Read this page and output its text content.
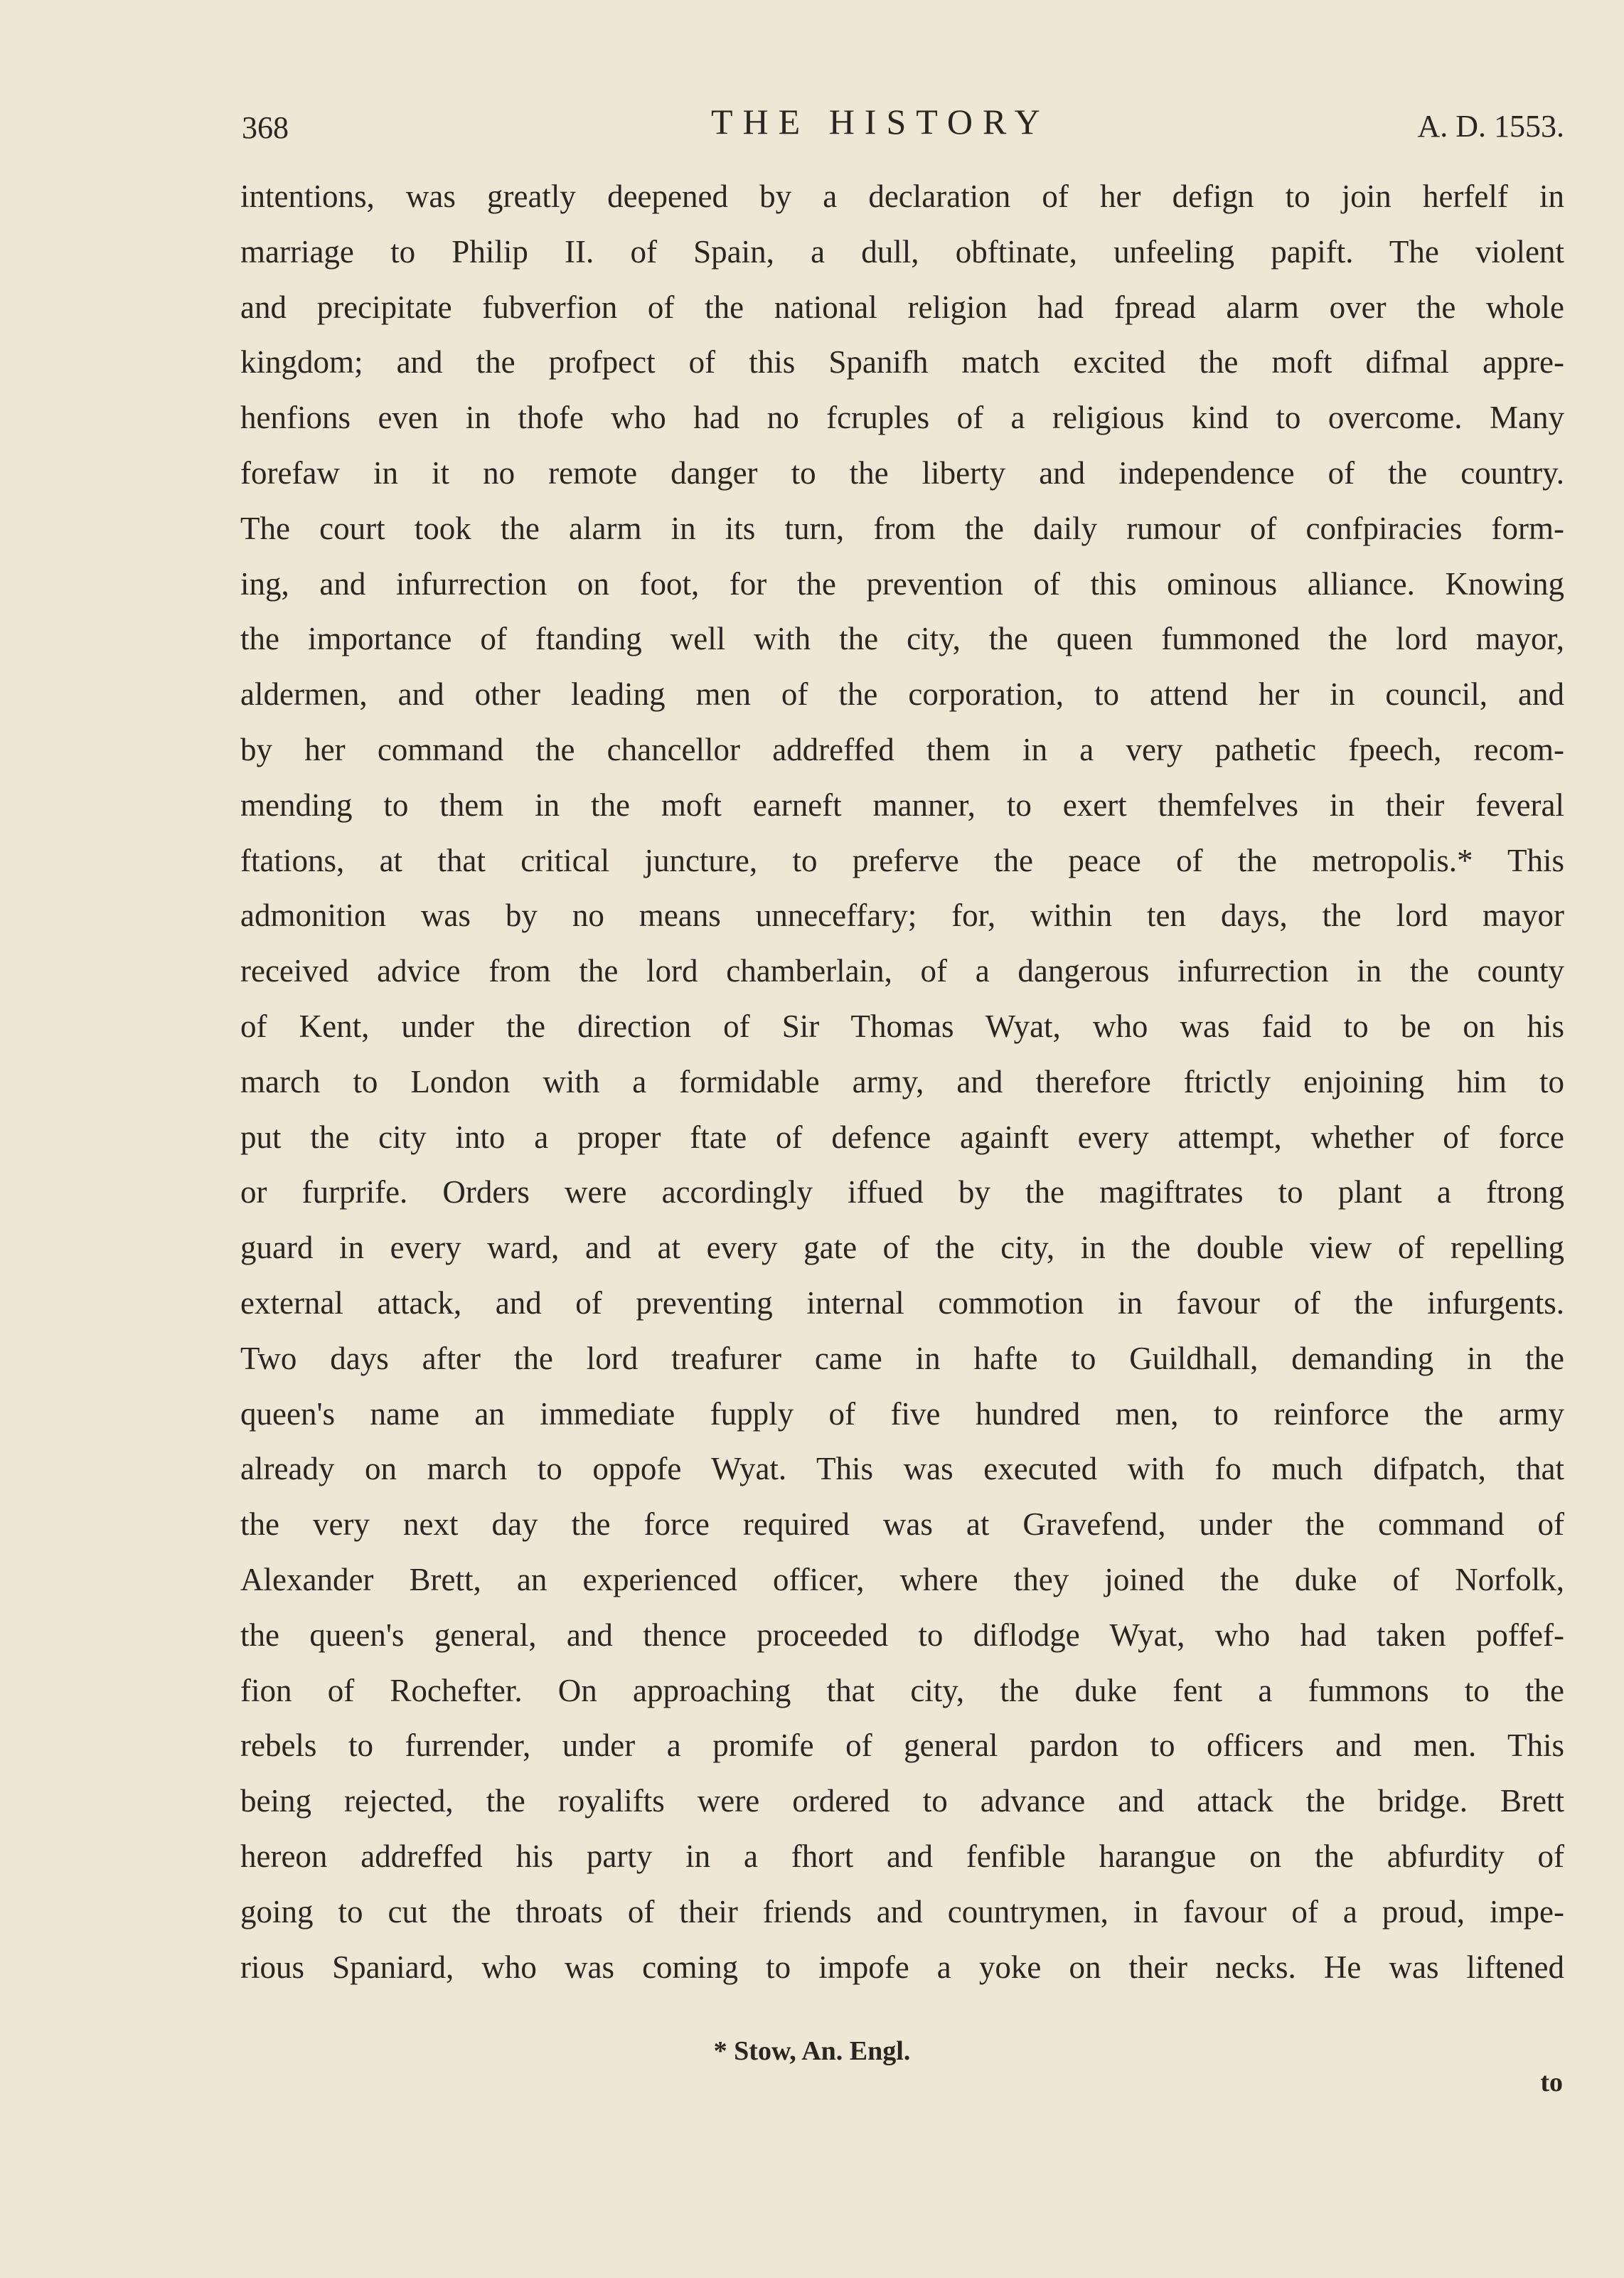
368	THE HISTORY	A. D. 1553.
intentions, was greatly deepened by a declaration of her defign to join herfelf in
marriage to Philip II. of Spain, a dull, obftinate, unfeeling papift. The violent
and precipitate fubverfion of the national religion had fpread alarm over the whole
kingdom; and the profpect of this Spanifh match excited the moft difmal appre-
henfions even in thofe who had no fcruples of a religious kind to overcome. Many
forefaw in it no remote danger to the liberty and independence of the country.
The court took the alarm in its turn, from the daily rumour of confpiracies form-
ing, and infurrection on foot, for the prevention of this ominous alliance. Knowing
the importance of ftanding well with the city, the queen fummoned the lord mayor,
aldermen, and other leading men of the corporation, to attend her in council, and
by her command the chancellor addreffed them in a very pathetic fpeech, recom-
mending to them in the moft earneft manner, to exert themfelves in their feveral
ftations, at that critical juncture, to preferve the peace of the metropolis.* This
admonition was by no means unneceffary; for, within ten days, the lord mayor
received advice from the lord chamberlain, of a dangerous infurrection in the county
of Kent, under the direction of Sir Thomas Wyat, who was faid to be on his
march to London with a formidable army, and therefore ftrictly enjoining him to
put the city into a proper ftate of defence againft every attempt, whether of force
or furprife. Orders were accordingly iffued by the magiftrates to plant a ftrong
guard in every ward, and at every gate of the city, in the double view of repelling
external attack, and of preventing internal commotion in favour of the infurgents.
Two days after the lord treafurer came in hafte to Guildhall, demanding in the
queen's name an immediate fupply of five hundred men, to reinforce the army
already on march to oppofe Wyat. This was executed with fo much difpatch, that
the very next day the force required was at Gravefend, under the command of
Alexander Brett, an experienced officer, where they joined the duke of Norfolk,
the queen's general, and thence proceeded to diflodge Wyat, who had taken poffef-
fion of Rochefter. On approaching that city, the duke fent a fummons to the
rebels to furrender, under a promife of general pardon to officers and men. This
being rejected, the royalifts were ordered to advance and attack the bridge. Brett
hereon addreffed his party in a fhort and fenfible harangue on the abfurdity of
going to cut the throats of their friends and countrymen, in favour of a proud, impe-
rious Spaniard, who was coming to impofe a yoke on their necks. He was liftened
* Stow, An. Engl.
to
